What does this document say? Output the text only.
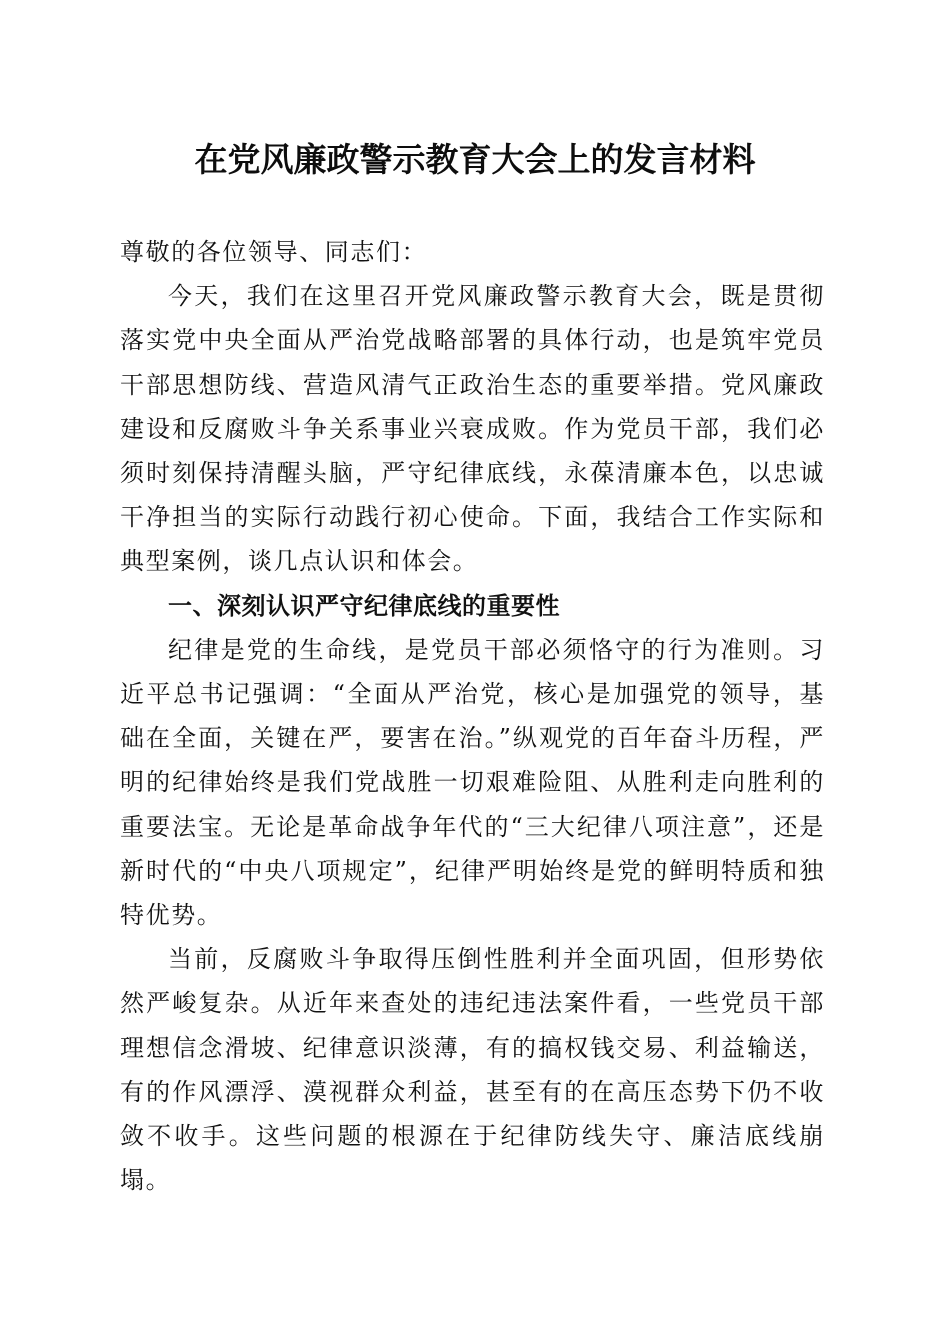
在党风廉政警示教育大会上的发言材料

尊敬的各位领导、同志们：

今天，我们在这里召开党风廉政警示教育大会，既是贯彻落实党中央全面从严治党战略部署的具体行动，也是筑牢党员干部思想防线、营造风清气正政治生态的重要举措。党风廉政建设和反腐败斗争关系事业兴衰成败。作为党员干部，我们必须时刻保持清醒头脑，严守纪律底线，永葆清廉本色，以忠诚干净担当的实际行动践行初心使命。下面，我结合工作实际和典型案例，谈几点认识和体会。

一、深刻认识严守纪律底线的重要性

纪律是党的生命线，是党员干部必须恪守的行为准则。习近平总书记强调：“全面从严治党，核心是加强党的领导，基础在全面，关键在严，要害在治。”纵观党的百年奋斗历程，严明的纪律始终是我们党战胜一切艰难险阻、从胜利走向胜利的重要法宝。无论是革命战争年代的“三大纪律八项注意”，还是新时代的“中央八项规定”，纪律严明始终是党的鲜明特质和独特优势。

当前，反腐败斗争取得压倒性胜利并全面巩固，但形势依然严峻复杂。从近年来查处的违纪违法案件看，一些党员干部理想信念滑坡、纪律意识淡薄，有的搞权钱交易、利益输送，有的作风漂浮、漠视群众利益，甚至有的在高压态势下仍不收敛不收手。这些问题的根源在于纪律防线失守、廉洁底线崩塌。
